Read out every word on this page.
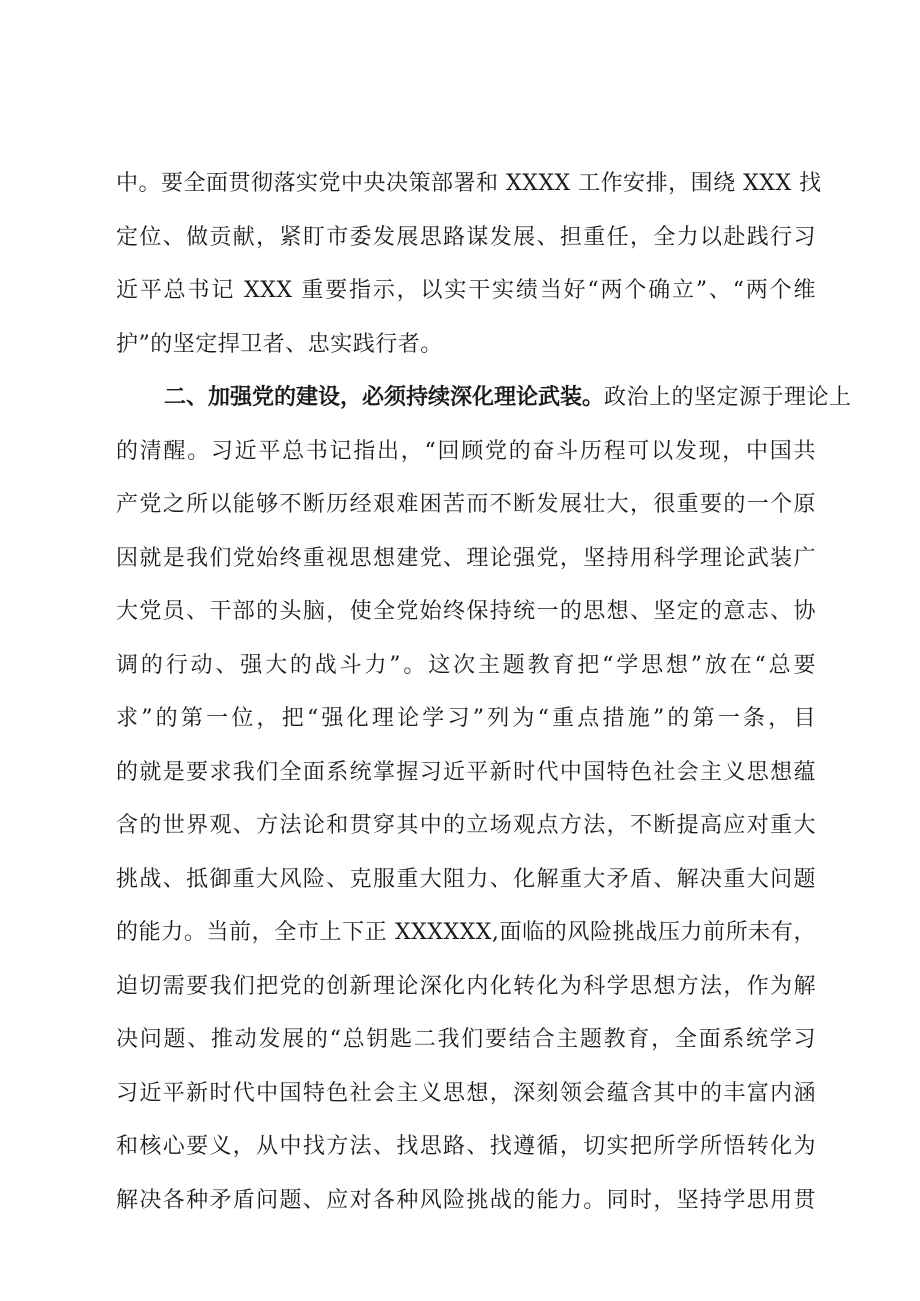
中。要全面贯彻落实党中央决策部署和 XXXX 工作安排，围绕 XXX 找
定位、做贡献，紧盯市委发展思路谋发展、担重任，全力以赴践行习
近平总书记 XXX 重要指示，以实干实绩当好“两个确立”、“两个维
护”的坚定捍卫者、忠实践行者。
二、加强党的建设，必须持续深化理论武装。政治上的坚定源于理论上
的清醒。习近平总书记指出，“回顾党的奋斗历程可以发现，中国共
产党之所以能够不断历经艰难困苦而不断发展壮大，很重要的一个原
因就是我们党始终重视思想建党、理论强党，坚持用科学理论武装广
大党员、干部的头脑，使全党始终保持统一的思想、坚定的意志、协
调的行动、强大的战斗力”。这次主题教育把“学思想”放在“总要
求”的第一位，把“强化理论学习”列为“重点措施”的第一条，目
的就是要求我们全面系统掌握习近平新时代中国特色社会主义思想蕴
含的世界观、方法论和贯穿其中的立场观点方法，不断提高应对重大
挑战、抵御重大风险、克服重大阻力、化解重大矛盾、解决重大问题
的能力。当前，全市上下正 XXXXXX,面临的风险挑战压力前所未有，
迫切需要我们把党的创新理论深化内化转化为科学思想方法，作为解
决问题、推动发展的“总钥匙二我们要结合主题教育，全面系统学习
习近平新时代中国特色社会主义思想，深刻领会蕴含其中的丰富内涵
和核心要义，从中找方法、找思路、找遵循，切实把所学所悟转化为
解决各种矛盾问题、应对各种风险挑战的能力。同时，坚持学思用贯
